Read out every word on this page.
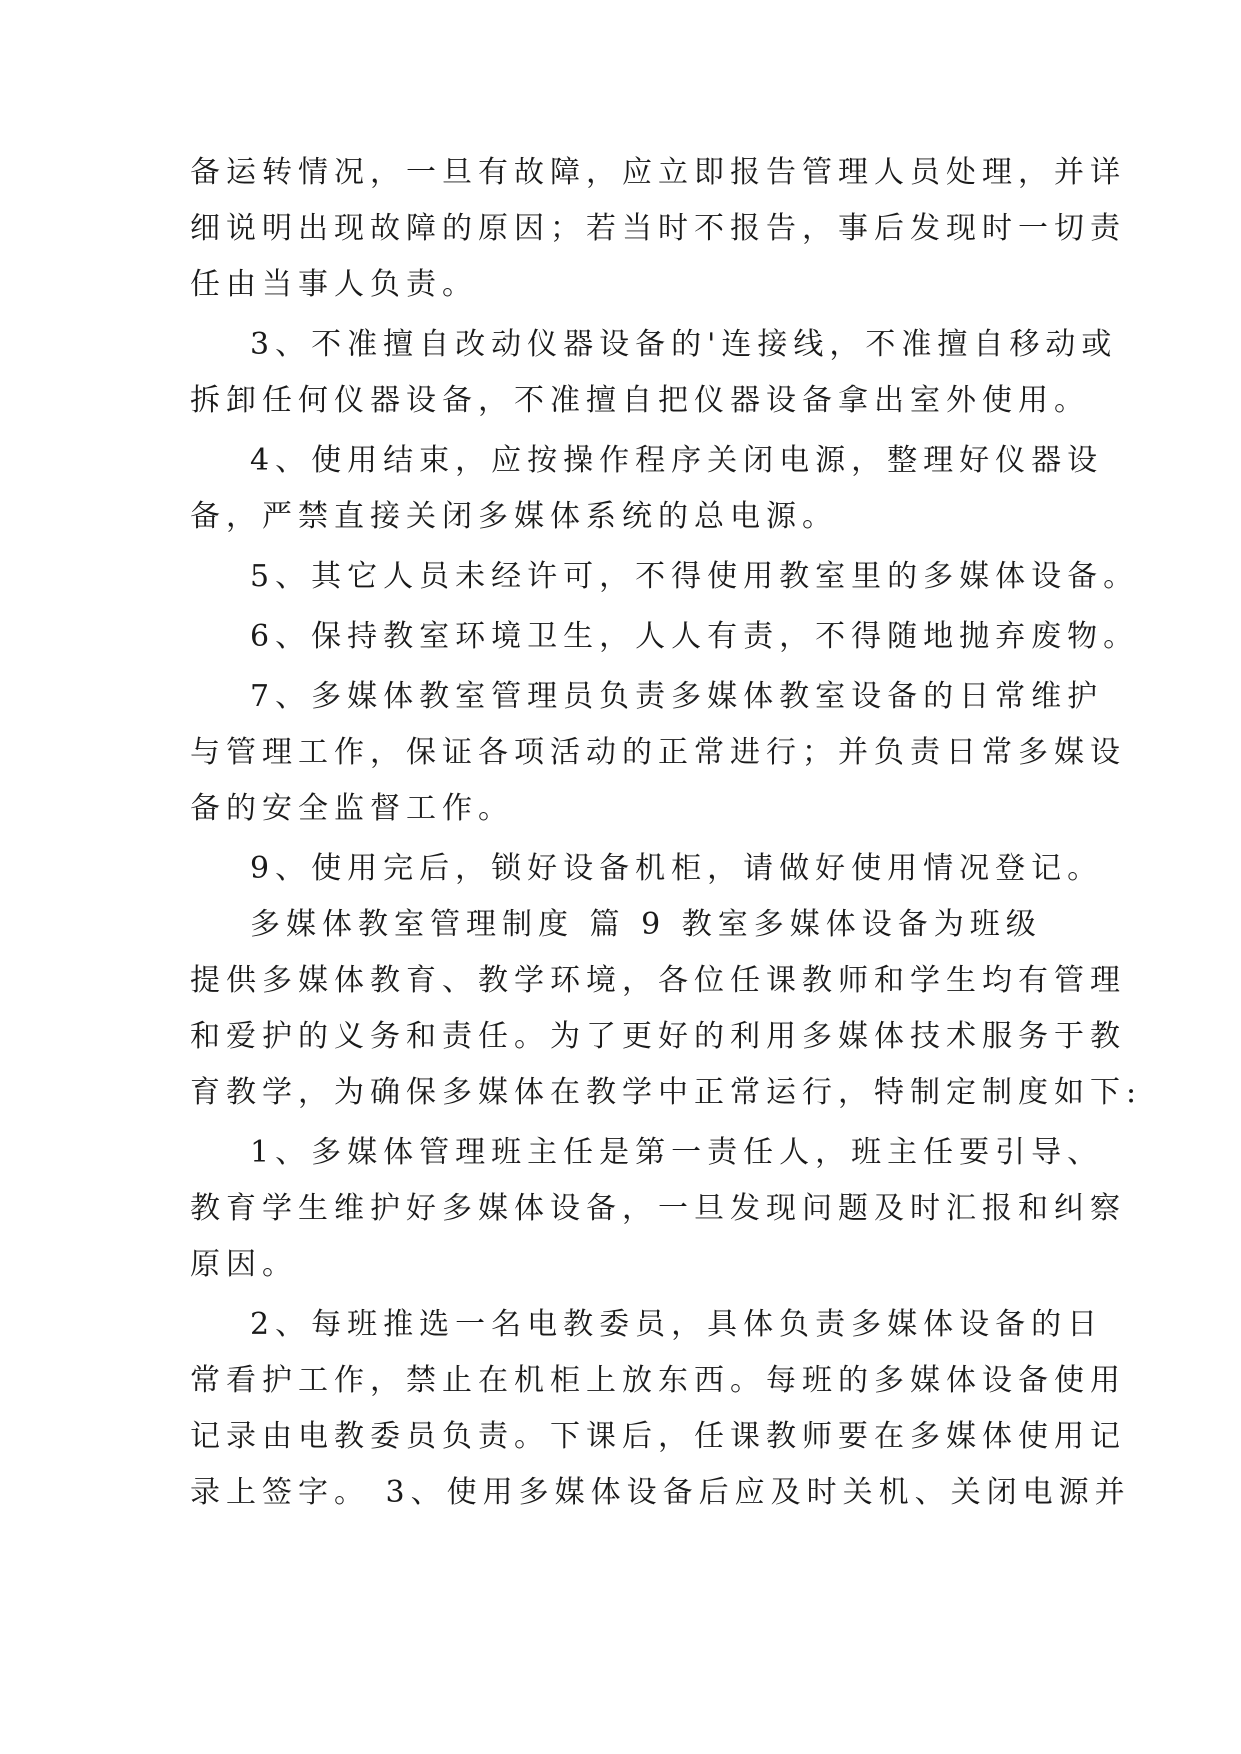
备运转情况，一旦有故障，应立即报告管理人员处理，并详
细说明出现故障的原因；若当时不报告，事后发现时一切责
任由当事人负责。
3、不准擅自改动仪器设备的'连接线，不准擅自移动或
拆卸任何仪器设备，不准擅自把仪器设备拿出室外使用。
4、使用结束，应按操作程序关闭电源，整理好仪器设
备，严禁直接关闭多媒体系统的总电源。
5、其它人员未经许可，不得使用教室里的多媒体设备。
6、保持教室环境卫生，人人有责，不得随地抛弃废物。
7、多媒体教室管理员负责多媒体教室设备的日常维护
与管理工作，保证各项活动的正常进行；并负责日常多媒设
备的安全监督工作。
9、使用完后，锁好设备机柜，请做好使用情况登记。
多媒体教室管理制度 篇 9 教室多媒体设备为班级
提供多媒体教育、教学环境，各位任课教师和学生均有管理
和爱护的义务和责任。为了更好的利用多媒体技术服务于教
育教学，为确保多媒体在教学中正常运行，特制定制度如下:
1、多媒体管理班主任是第一责任人，班主任要引导、
教育学生维护好多媒体设备，一旦发现问题及时汇报和纠察
原因。
2、每班推选一名电教委员，具体负责多媒体设备的日
常看护工作，禁止在机柜上放东西。每班的多媒体设备使用
记录由电教委员负责。下课后，任课教师要在多媒体使用记
录上签字。 3、使用多媒体设备后应及时关机、关闭电源并
